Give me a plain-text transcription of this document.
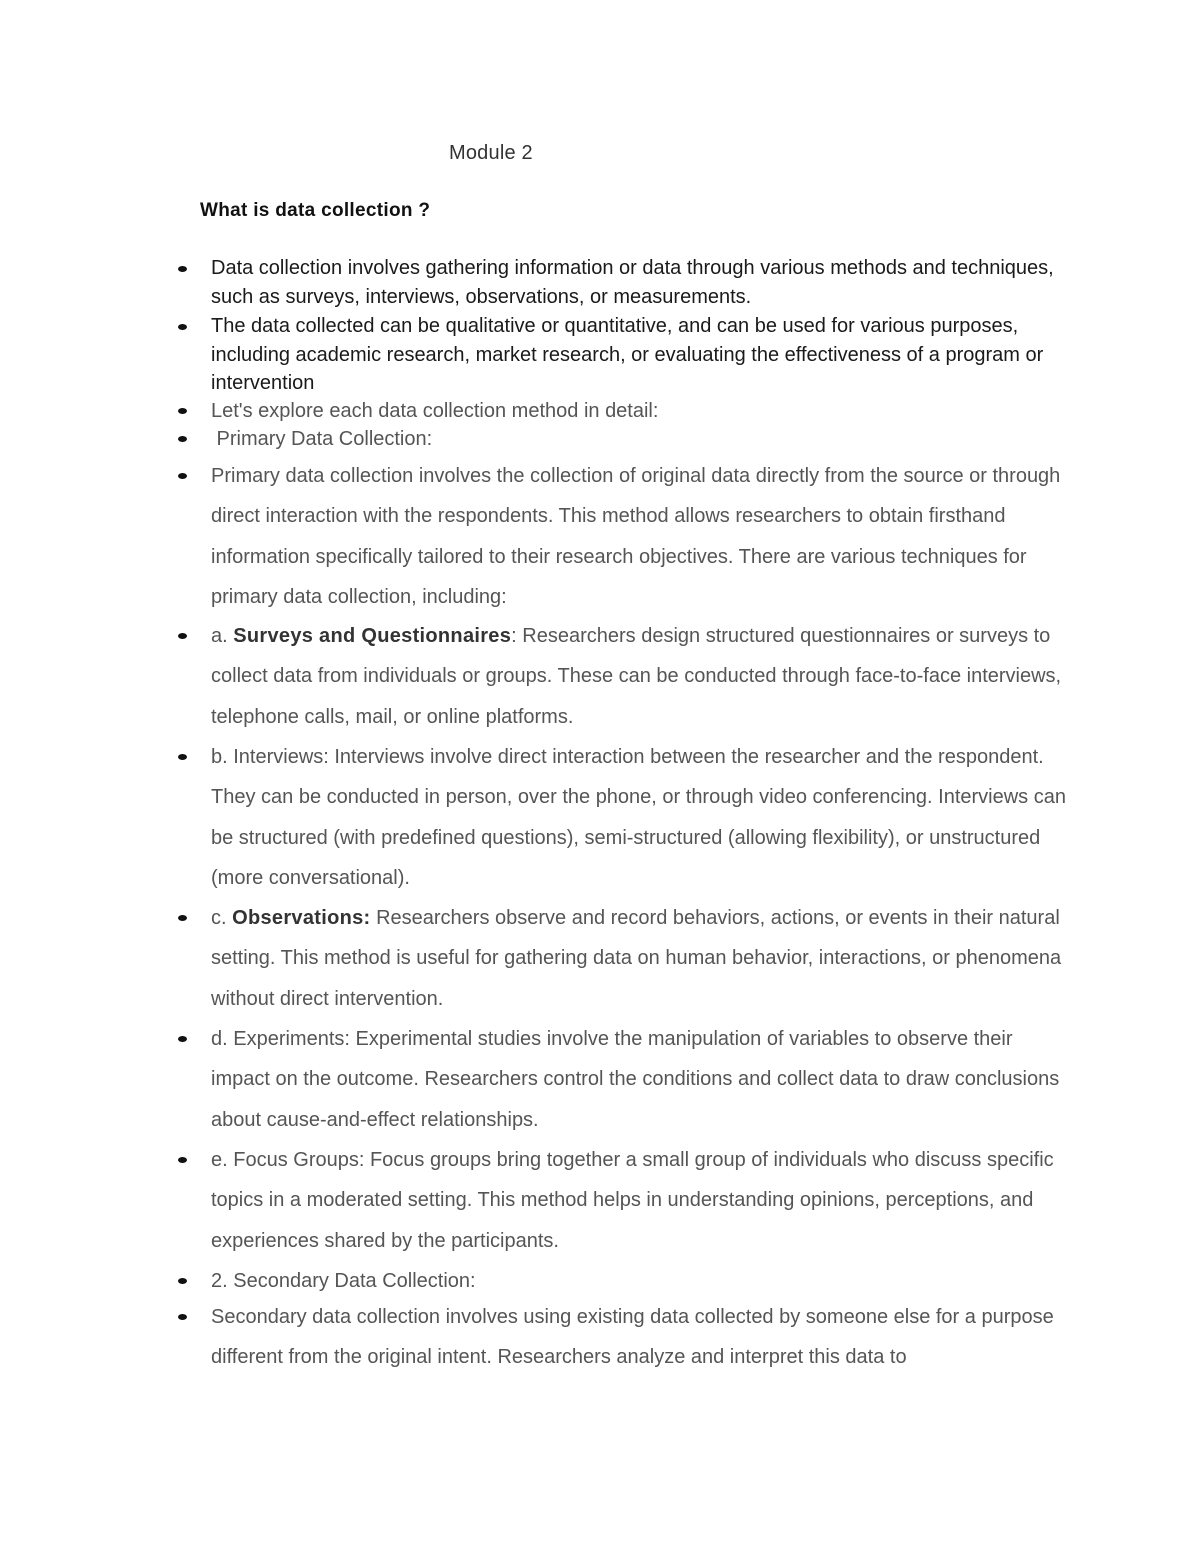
Module 2
What is data collection ?
Data collection involves gathering information or data through various methods and techniques, such as surveys, interviews, observations, or measurements.
The data collected can be qualitative or quantitative, and can be used for various purposes, including academic research, market research, or evaluating the effectiveness of a program or intervention
Let's explore each data collection method in detail:
Primary Data Collection:
Primary data collection involves the collection of original data directly from the source or through direct interaction with the respondents. This method allows researchers to obtain firsthand information specifically tailored to their research objectives. There are various techniques for primary data collection, including:
a. Surveys and Questionnaires: Researchers design structured questionnaires or surveys to collect data from individuals or groups. These can be conducted through face-to-face interviews, telephone calls, mail, or online platforms.
b. Interviews: Interviews involve direct interaction between the researcher and the respondent. They can be conducted in person, over the phone, or through video conferencing. Interviews can be structured (with predefined questions), semi-structured (allowing flexibility), or unstructured (more conversational).
c. Observations: Researchers observe and record behaviors, actions, or events in their natural setting. This method is useful for gathering data on human behavior, interactions, or phenomena without direct intervention.
d. Experiments: Experimental studies involve the manipulation of variables to observe their impact on the outcome. Researchers control the conditions and collect data to draw conclusions about cause-and-effect relationships.
e. Focus Groups: Focus groups bring together a small group of individuals who discuss specific topics in a moderated setting. This method helps in understanding opinions, perceptions, and experiences shared by the participants.
2. Secondary Data Collection:
Secondary data collection involves using existing data collected by someone else for a purpose different from the original intent. Researchers analyze and interpret this data to
